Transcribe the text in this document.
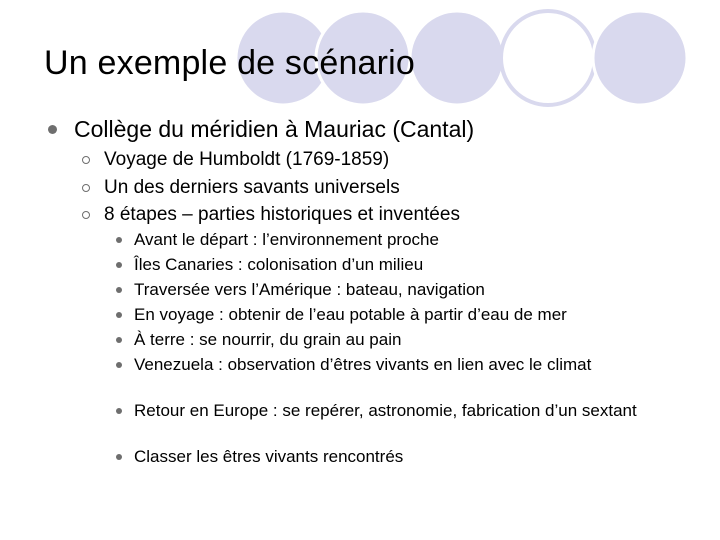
Un exemple de scénario
Collège du méridien à Mauriac (Cantal)
Voyage de Humboldt (1769-1859)
Un des derniers savants universels
8 étapes – parties historiques et inventées
Avant le départ : l’environnement proche
Îles Canaries : colonisation d’un milieu
Traversée vers l’Amérique : bateau, navigation
En voyage : obtenir de l’eau potable à partir d’eau de mer
À terre : se nourrir, du grain au pain
Venezuela : observation d’êtres vivants en lien avec le climat
Retour en Europe : se repérer, astronomie, fabrication d’un sextant
Classer les êtres vivants rencontrés
